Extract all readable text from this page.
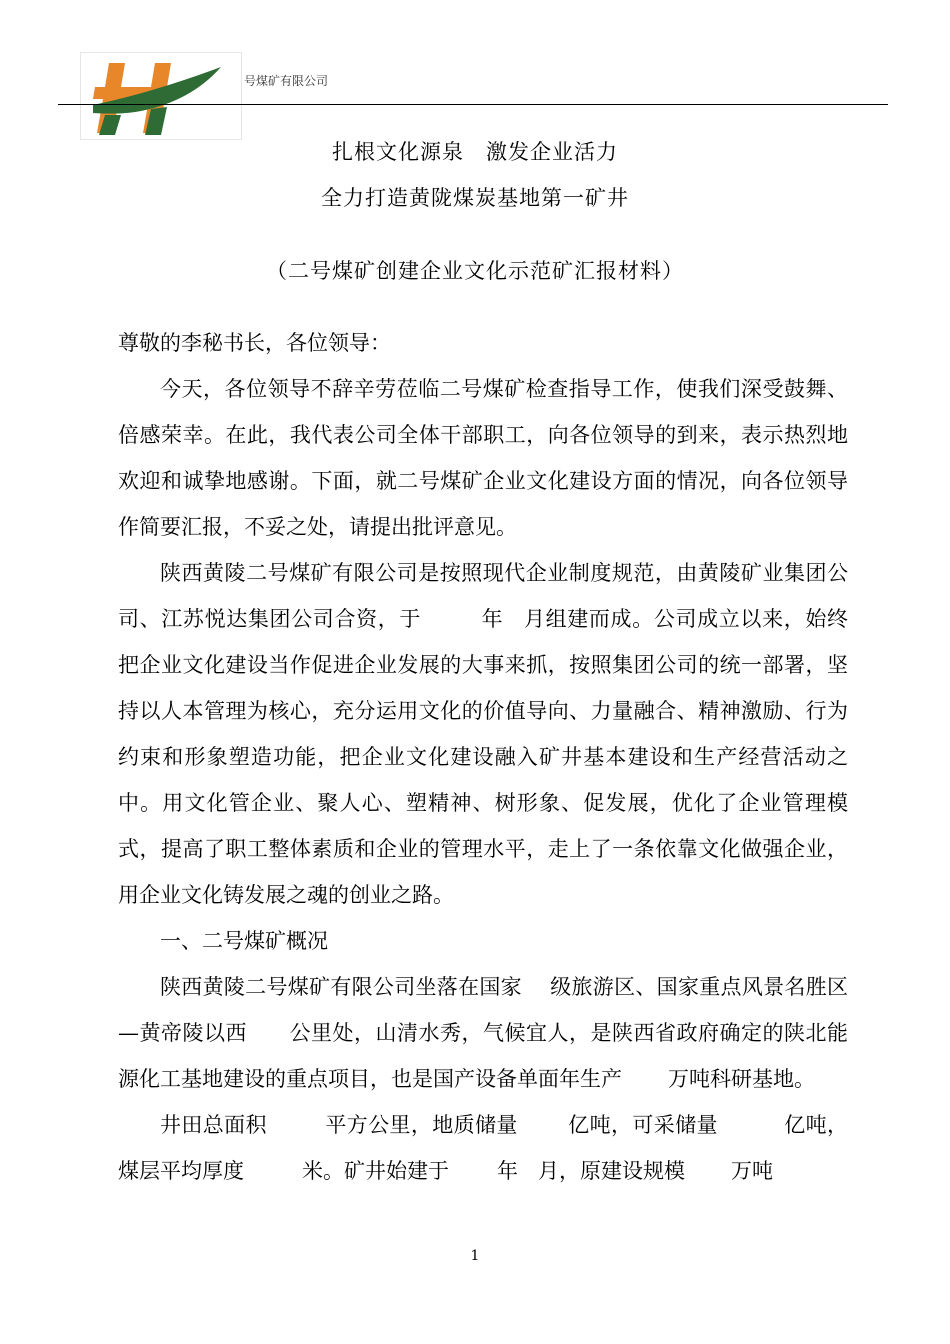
号煤矿有限公司
扎根文化源泉　激发企业活力
全力打造黄陇煤炭基地第一矿井
（二号煤矿创建企业文化示范矿汇报材料）
尊敬的李秘书长，各位领导：
今天，各位领导不辞辛劳莅临二号煤矿检查指导工作，使我们深受鼓舞、倍感荣幸。在此，我代表公司全体干部职工，向各位领导的到来，表示热烈地欢迎和诚挚地感谢。下面，就二号煤矿企业文化建设方面的情况，向各位领导作简要汇报，不妥之处，请提出批评意见。
陕西黄陵二号煤矿有限公司是按照现代企业制度规范，由黄陵矿业集团公司、江苏悦达集团公司合资，于	年 月组建而成。公司成立以来，始终把企业文化建设当作促进企业发展的大事来抓，按照集团公司的统一部署，坚持以人本管理为核心，充分运用文化的价值导向、力量融合、精神激励、行为约束和形象塑造功能，把企业文化建设融入矿井基本建设和生产经营活动之中。用文化管企业、聚人心、塑精神、树形象、促发展，优化了企业管理模式，提高了职工整体素质和企业的管理水平，走上了一条依靠文化做强企业，用企业文化铸发展之魂的创业之路。
一、二号煤矿概况
陕西黄陵二号煤矿有限公司坐落在国家 级旅游区、国家重点风景名胜区—黄帝陵以西 公里处，山清水秀，气候宜人，是陕西省政府确定的陕北能源化工基地建设的重点项目，也是国产设备单面年生产 万吨科研基地。
井田总面积	平方公里，地质储量 亿吨，可采储量	亿吨，煤层平均厚度	米。矿井始建于 年 月，原建设规模 万吨
1
